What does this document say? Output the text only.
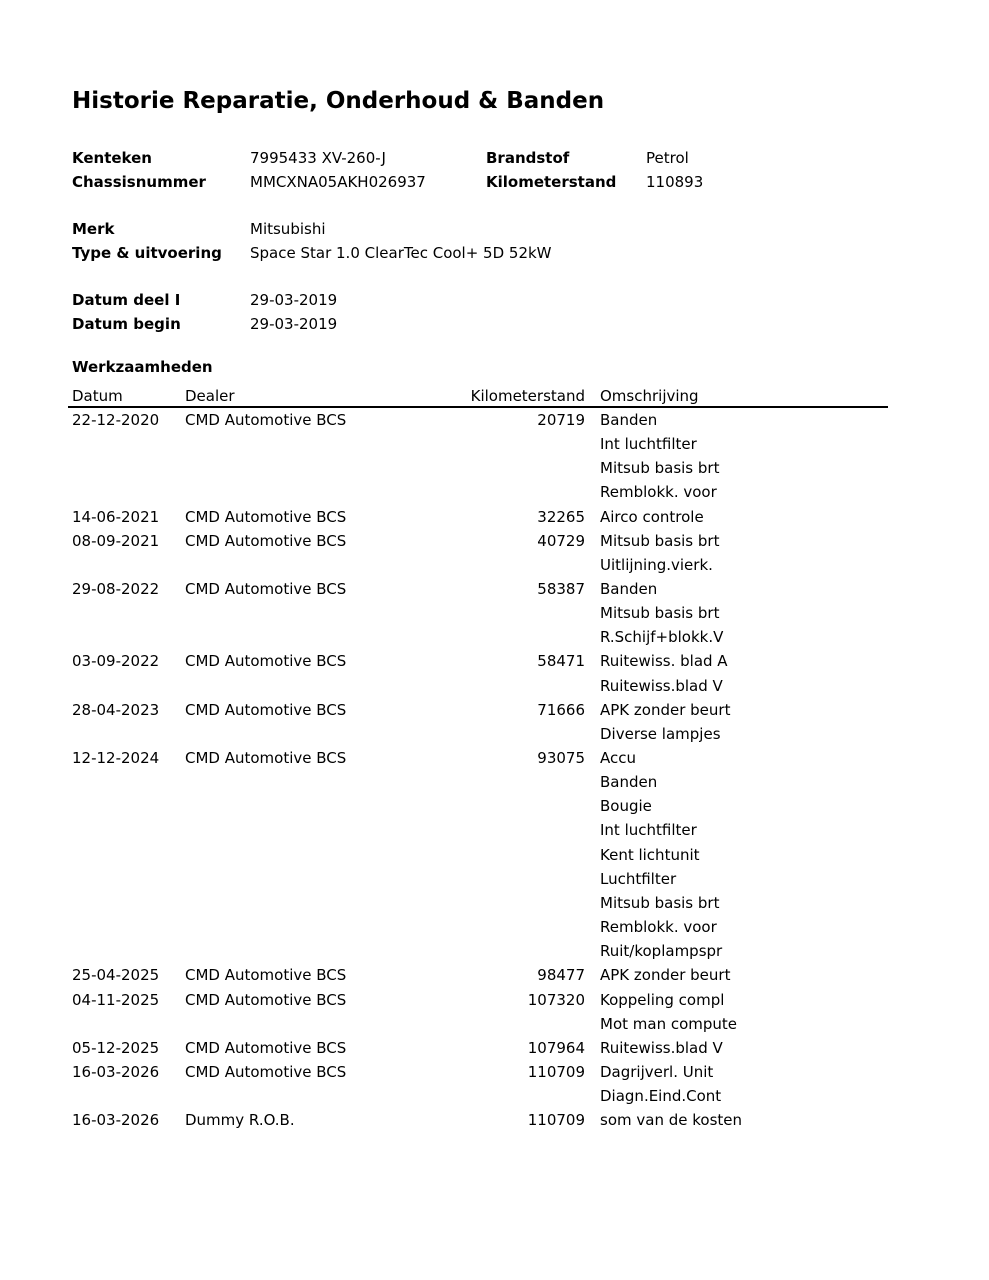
Historie Reparatie, Onderhoud & Banden
Kenteken	7995433 XV-260-J	Brandstof	Petrol
Chassisnummer	MMCXNA05AKH026937	Kilometerstand 110893
Merk	Mitsubishi
Type & uitvoering Space Star 1.0 ClearTec Cool+ 5D 52kW
Datum deel I	29-03-2019
Datum begin	29-03-2019
Werkzaamheden
Datum	Dealer	Kilometerstand Omschrijving
22-12-2020 CMD Automotive BCS	20719 Banden
Int luchtfilter
Mitsub basis brt
Remblokk. voor
14-06-2021 CMD Automotive BCS	32265 Airco controle
08-09-2021 CMD Automotive BCS	40729 Mitsub basis brt
Uitlijning.vierk.
29-08-2022 CMD Automotive BCS	58387 Banden
Mitsub basis brt
R.Schijf+blokk.V
03-09-2022 CMD Automotive BCS	58471 Ruitewiss. blad A
Ruitewiss.blad V
28-04-2023 CMD Automotive BCS	71666 APK zonder beurt
Diverse lampjes
12-12-2024 CMD Automotive BCS	93075 Accu
Banden
Bougie
Int luchtfilter
Kent lichtunit
Luchtfilter
Mitsub basis brt
Remblokk. voor
Ruit/koplampspr
25-04-2025 CMD Automotive BCS	98477 APK zonder beurt
04-11-2025 CMD Automotive BCS	107320 Koppeling compl
Mot man compute
05-12-2025 CMD Automotive BCS	107964 Ruitewiss.blad V
16-03-2026 CMD Automotive BCS	110709 Dagrijverl. Unit
Diagn.Eind.Cont
16-03-2026 Dummy R.O.B.	110709 som van de kosten
